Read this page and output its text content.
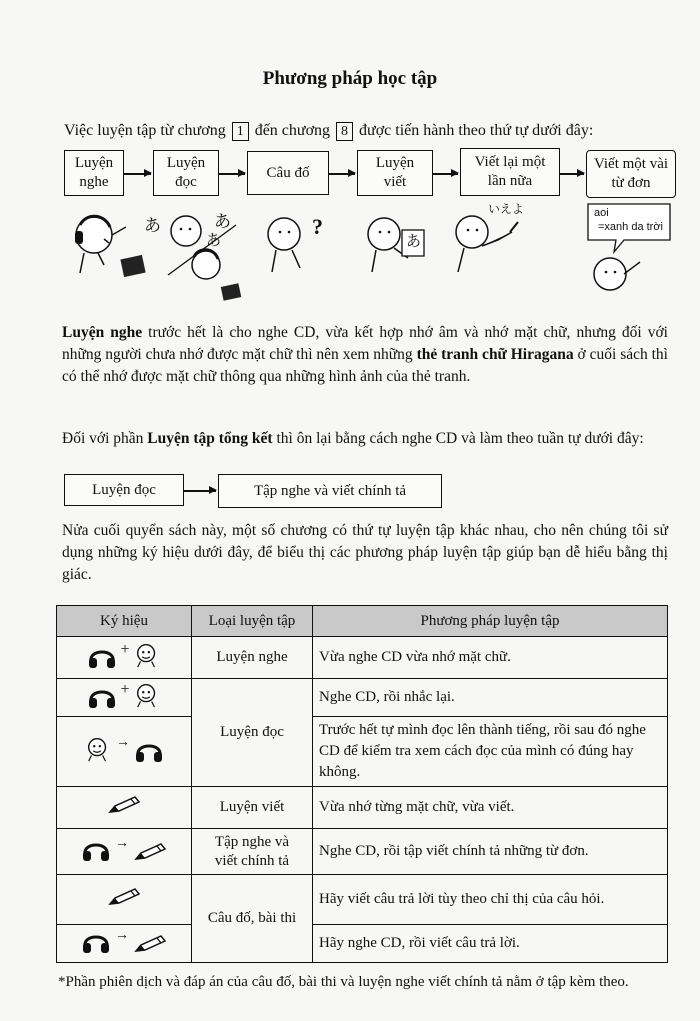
Phương pháp học tập
Việc luyện tập từ chương 1 đến chương 8 được tiến hành theo thứ tự dưới đây:
Luyện
nghe
Luyện
đọc
Câu đố
Luyện
viết
Viết lại một
lần nữa
Viết một vài
từ đơn
あ	あ
あ
?
あ
いえよ	aoi
=xanh da trời
Luyện nghe trước hết là cho nghe CD, vừa kết hợp nhớ âm và nhớ mặt chữ, nhưng đối với những người chưa nhớ được mặt chữ thì nên xem những thẻ tranh chữ Hiragana ở cuối sách thì có thể nhớ được mặt chữ thông qua những hình ảnh của thẻ tranh.
Đối với phần Luyện tập tổng kết thì ôn lại bằng cách nghe CD và làm theo tuần tự dưới đây:
Luyện đọc	Tập nghe và viết chính tả
Nửa cuối quyển sách này, một số chương có thứ tự luyện tập khác nhau, cho nên chúng tôi sử dụng những ký hiệu dưới đây, để biểu thị các phương pháp luyện tập giúp bạn dễ hiểu bằng thị giác.
Ký hiệu	Loại luyện tập	Phương pháp luyện tập
+	Luyện nghe	Vừa nghe CD vừa nhớ mặt chữ.
+	Luyện đọc	Nghe CD, rồi nhắc lại.
→		Trước hết tự mình đọc lên thành tiếng, rồi sau đó nghe CD để kiểm tra xem cách đọc của mình có đúng hay không.
	Luyện viết	Vừa nhớ từng mặt chữ, vừa viết.
→	Tập nghe và
viết chính tả	Nghe CD, rồi tập viết chính tả những từ đơn.
	Câu đố, bài thi	Hãy viết câu trả lời tùy theo chỉ thị của câu hỏi.
→		Hãy nghe CD, rồi viết câu trả lời.
*Phần phiên dịch và đáp án của câu đố, bài thi và luyện nghe viết chính tả nằm ở tập kèm theo.
